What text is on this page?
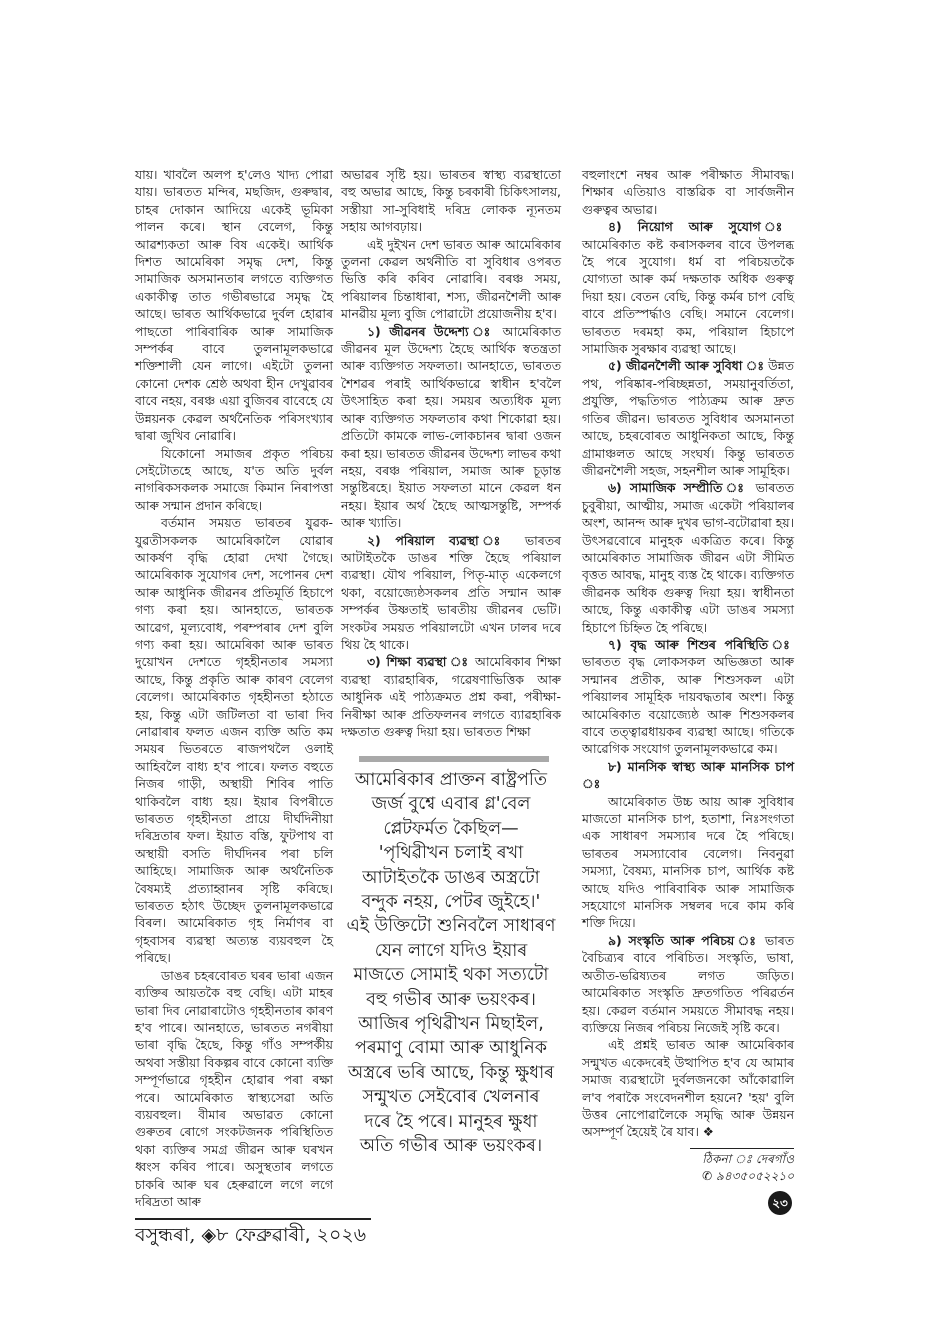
যায়। খাবলৈ অলপ হ'লেও খাদ্য পোৱা যায়। ভাৰতত মন্দিৰ, মছজিদ, গুৰুদ্বাৰ, চাহৰ দোকান আদিয়ে একেই ভূমিকা পালন কৰে। স্থান বেলেগ, কিন্তু আৱশ্যকতা আৰু বিষ একেই। আৰ্থিক দিশত আমেৰিকা সমৃদ্ধ দেশ, কিন্তু সামাজিক অসমানতাৰ লগতে ব্যক্তিগত একাকীত্ব তাত গভীৰভাৱে সমৃদ্ধ হৈ আছে। ভাৰত আৰ্থিকভাৱে দুৰ্বল হোৱাৰ পাছতো পাৰিবাৰিক আৰু সামাজিক সম্পৰ্কৰ বাবে তুলনামূলকভাৱে শক্তিশালী যেন লাগে। এইটো তুলনা কোনো দেশক শ্ৰেষ্ঠ অথবা হীন দেখুৱাবৰ বাবে নহয়, বৰঞ্চ এয়া বুজিবৰ বাবেহে যে উন্নয়নক কেৱল অৰ্থনৈতিক পৰিসংখ্যাৰ দ্বাৰা জুখিব নোৱাৰি।

যিকোনো সমাজৰ প্ৰকৃত পৰিচয় সেইটোতহে আছে, য'ত অতি দুৰ্বল নাগৰিকসকলক সমাজে কিমান নিৰাপত্তা আৰু সন্মান প্ৰদান কৰিছে।

বৰ্তমান সময়ত ভাৰতৰ যুৱক-যুৱতীসকলক আমেৰিকালৈ যোৱাৰ আকৰ্ষণ বৃদ্ধি হোৱা দেখা গৈছে। আমেৰিকাক সুযোগৰ দেশ, সপোনৰ দেশ আৰু আধুনিক জীৱনৰ প্ৰতিমূৰ্তি হিচাপে গণ্য কৰা হয়। আনহাতে, ভাৰতক আৱেগ, মূল্যবোধ, পৰম্পৰাৰ দেশ বুলি গণ্য কৰা হয়। আমেৰিকা আৰু ভাৰত দুয়োখন দেশতে গৃহহীনতাৰ সমস্যা আছে, কিন্তু প্ৰকৃতি আৰু কাৰণ বেলেগ বেলেগ। আমেৰিকাত গৃহহীনতা হঠাতে হয়, কিন্তু এটা জটিলতা বা ভাৰা দিব নোৱাৰাৰ ফলত এজন ব্যক্তি অতি কম সময়ৰ ভিতৰতে ৰাজপথলৈ ওলাই আহিবলৈ বাধ্য হ'ব পাৰে। ফলত বহুতে নিজৰ গাড়ী, অস্থায়ী শিবিৰ পাতি থাকিবলৈ বাধ্য হয়। ইয়াৰ বিপৰীতে ভাৰতত গৃহহীনতা প্ৰায়ে দীৰ্ঘদিনীয়া দৰিদ্ৰতাৰ ফল। ইয়াত বস্তি, ফুটপাথ বা অস্থায়ী বসতি দীৰ্ঘদিনৰ পৰা চলি আহিছে। সামাজিক আৰু অৰ্থনৈতিক বৈষম্যই প্ৰত্যাহ্বানৰ সৃষ্টি কৰিছে। ভাৰতত হঠাৎ উচ্ছেদ তুলনামূলকভাৱে বিৰল। আমেৰিকাত গৃহ নিৰ্মাণৰ বা গৃহবাসৰ ব্যৱস্থা অত্যন্ত ব্যয়বহুল হৈ পৰিছে।

ডাঙৰ চহৰবোৰত ঘৰৰ ভাৰা এজন ব্যক্তিৰ আয়তকৈ বহু বেছি। এটা মাহৰ ভাৰা দিব নোৱাৰাটোও গৃহহীনতাৰ কাৰণ হ'ব পাৰে। আনহাতে, ভাৰতত নগৰীয়া ভাৰা বৃদ্ধি হৈছে, কিন্তু গাঁও সম্পৰ্কীয় অথবা সস্তীয়া বিকল্পৰ বাবে কোনো ব্যক্তি সম্পূৰ্ণভাৱে গৃহহীন হোৱাৰ পৰা ৰক্ষা পৰে। আমেৰিকাত স্বাস্থ্যসেৱা অতি ব্যয়বহুল। বীমাৰ অভাৱত কোনো গুৰুতৰ ৰোগে সংকটজনক পৰিস্থিতিত থকা ব্যক্তিৰ সমগ্ৰ জীৱন আৰু ঘৰখন ধ্বংস কৰিব পাৰে। অসুস্থতাৰ লগতে চাকৰি আৰু ঘৰ হেৰুৱালে লগে লগে দৰিদ্ৰতা আৰু

অভাৱৰ সৃষ্টি হয়। ভাৰতৰ স্বাস্থ্য ব্যৱস্থাতো বহু অভাৱ আছে, কিন্তু চৰকাৰী চিকিৎসালয়, সস্তীয়া সা-সুবিধাই দৰিদ্ৰ লোকক ন্যূনতম সহায় আগবঢ়ায়।

এই দুইখন দেশ ভাৰত আৰু আমেৰিকাৰ তুলনা কেৱল অৰ্থনীতি বা সুবিধাৰ ওপৰত ভিত্তি কৰি কৰিব নোৱাৰি। বৰঞ্চ সময়, পৰিয়ালৰ চিন্তাধাৰা, শস্য, জীৱনশৈলী আৰু মানৱীয় মূল্য বুজি পোৱাটো প্ৰয়োজনীয় হ'ব।

১) জীৱনৰ উদ্দেশ্য ঃ আমেৰিকাত জীৱনৰ মূল উদ্দেশ্য হৈছে আৰ্থিক স্বতন্ত্ৰতা আৰু ব্যক্তিগত সফলতা। আনহাতে, ভাৰতত শৈশৱৰ পৰাই আৰ্থিকভাৱে স্বাধীন হ'বলৈ উৎসাহিত কৰা হয়। সময়ৰ অত্যধিক মূল্য আৰু ব্যক্তিগত সফলতাৰ কথা শিকোৱা হয়। প্ৰতিটো কামকে লাভ-লোকচানৰ দ্বাৰা ওজন কৰা হয়। ভাৰতত জীৱনৰ উদ্দেশ্য লাভৰ কথা নহয়, বৰঞ্চ পৰিয়াল, সমাজ আৰু চূড়ান্ত সন্তুষ্টিৰহে। ইয়াত সফলতা মানে কেৱল ধন নহয়। ইয়াৰ অৰ্থ হৈছে আত্মসন্তুষ্টি, সম্পৰ্ক আৰু খ্যাতি।

২) পৰিয়াল ব্যৱস্থা ঃ ভাৰতৰ আটাইতকৈ ডাঙৰ শক্তি হৈছে পৰিয়াল ব্যৱস্থা। যৌথ পৰিয়াল, পিতৃ-মাতৃ একেলগে থকা, বয়োজ্যেষ্ঠসকলৰ প্ৰতি সন্মান আৰু সম্পৰ্কৰ উষ্ণতাই ভাৰতীয় জীৱনৰ ভেটি। সংকটৰ সময়ত পৰিয়ালটো এখন ঢালৰ দৰে থিয় হৈ থাকে।

৩) শিক্ষা ব্যৱস্থা ঃ আমেৰিকাৰ শিক্ষা ব্যৱস্থা ব্যাৱহাৰিক, গৱেষণাভিত্তিক আৰু আধুনিক এই পাঠ্যক্ৰমত প্ৰশ্ন কৰা, পৰীক্ষা-নিৰীক্ষা আৰু প্ৰতিফলনৰ লগতে ব্যাৱহাৰিক দক্ষতাত গুৰুত্ব দিয়া হয়। ভাৰতত শিক্ষা

বহুলাংশে নম্বৰ আৰু পৰীক্ষাত সীমাবদ্ধ। শিক্ষাৰ এতিয়াও বাস্তৱিক বা সাৰ্বজনীন গুৰুত্বৰ অভাৱ।

৪) নিয়োগ আৰু সুযোগ ঃ আমেৰিকাত কষ্ট কৰাসকলৰ বাবে উপলব্ধ হৈ পৰে সুযোগ। ধৰ্ম বা পৰিচয়তকৈ যোগ্যতা আৰু কৰ্ম দক্ষতাক অধিক গুৰুত্ব দিয়া হয়। বেতন বেছি, কিন্তু কৰ্মৰ চাপ বেছি বাবে প্ৰতিস্পৰ্দ্ধাও বেছি। সমানে বেলেগ। ভাৰতত দৰমহা কম, পৰিয়াল হিচাপে সামাজিক সুৰক্ষাৰ ব্যৱস্থা আছে।

৫) জীৱনশৈলী আৰু সুবিধা ঃ উন্নত পথ, পৰিষ্কাৰ-পৰিচ্ছন্নতা, সময়ানুবৰ্তিতা, প্ৰযুক্তি, পদ্ধতিগত পাঠ্যক্ৰম আৰু দ্ৰুত গতিৰ জীৱন। ভাৰতত সুবিধাৰ অসমানতা আছে, চহৰবোৰত আধুনিকতা আছে, কিন্তু গ্ৰামাঞ্চলত আছে সংঘৰ্ষ। কিন্তু ভাৰতত জীৱনশৈলী সহজ, সহনশীল আৰু সামূহিক।

৬) সামাজিক সম্প্ৰীতি ঃ ভাৰতত চুবুৰীয়া, আত্মীয়, সমাজ একেটা পৰিয়ালৰ অংশ, আনন্দ আৰু দুখৰ ভাগ-বটোৱাৰা হয়। উৎসৱবোৰে মানুহক একত্ৰিত কৰে। কিন্তু আমেৰিকাত সামাজিক জীৱন এটা সীমিত বৃত্তত আবদ্ধ, মানুহ ব্যস্ত হৈ থাকে। ব্যক্তিগত জীৱনক অধিক গুৰুত্ব দিয়া হয়। স্বাধীনতা আছে, কিন্তু একাকীত্ব এটা ডাঙৰ সমস্যা হিচাপে চিহ্নিত হৈ পৰিছে।

৭) বৃদ্ধ আৰু শিশুৰ পৰিস্থিতি ঃ ভাৰতত বৃদ্ধ লোকসকল অভিজ্ঞতা আৰু সন্মানৰ প্ৰতীক, আৰু শিশুসকল এটা পৰিয়ালৰ সামূহিক দায়বদ্ধতাৰ অংশ। কিন্তু আমেৰিকাত বয়োজ্যেষ্ঠ আৰু শিশুসকলৰ বাবে তত্ত্বাৱধায়কৰ ব্যৱস্থা আছে। গতিকে আৱেগিক সংযোগ তুলনামূলকভাৱে কম।

৮) মানসিক স্বাস্থ্য আৰু মানসিক চাপ ঃ

আমেৰিকাত উচ্চ আয় আৰু সুবিধাৰ মাজতো মানসিক চাপ, হতাশা, নিঃসংগতা এক সাধাৰণ সমস্যাৰ দৰে হৈ পৰিছে। ভাৰতৰ সমস্যাবোৰ বেলেগ। নিবনুৱা সমস্যা, বৈষম্য, মানসিক চাপ, আৰ্থিক কষ্ট আছে যদিও পাৰিবাৰিক আৰু সামাজিক সহযোগে মানসিক সম্বলৰ দৰে কাম কৰি শক্তি দিয়ে।

৯) সংস্কৃতি আৰু পৰিচয় ঃ ভাৰত বৈচিত্ৰ্যৰ বাবে পৰিচিত। সংস্কৃতি, ভাষা, অতীত-ভৱিষ্যতৰ লগত জড়িত। আমেৰিকাত সংস্কৃতি দ্ৰুতগতিত পৰিৱৰ্তন হয়। কেৱল বৰ্তমান সময়তে সীমাবদ্ধ নহয়। ব্যক্তিয়ে নিজৰ পৰিচয় নিজেই সৃষ্টি কৰে।

এই প্ৰশ্নই ভাৰত আৰু আমেৰিকাৰ সন্মুখত একেদৰেই উত্থাপিত হ'ব যে আমাৰ সমাজ ব্যৱস্থাটো দুৰ্বলজনকো আঁকোৱালি ল'ব পৰাকৈ সংবেদনশীল হয়নে? 'হয়' বুলি উত্তৰ নোপোৱালৈকে সমৃদ্ধি আৰু উন্নয়ন অসম্পূৰ্ণ হৈয়েই ৰৈ যাব। ❖

আমেৰিকাৰ প্ৰাক্তন ৰাষ্ট্ৰপতি
জৰ্জ বুশ্বে এবাৰ গ্ল'বেল
প্লেটফৰ্মত কৈছিল—
'পৃথিৱীখন চলাই ৰখা
আটাইতকৈ ডাঙৰ অস্ত্ৰটো
বন্দুক নহয়, পেটৰ জুইহে।'
এই উক্তিটো শুনিবলৈ সাধাৰণ
যেন লাগে যদিও ইয়াৰ
মাজতে সোমাই থকা সত্যটো
বহু গভীৰ আৰু ভয়ংকৰ।
আজিৰ পৃথিৱীখন মিছাইল,
পৰমাণু বোমা আৰু আধুনিক
অস্ত্ৰৰে ভৰি আছে, কিন্তু ক্ষুধাৰ
সন্মুখত সেইবোৰ খেলনাৰ
দৰে হৈ পৰে। মানুহৰ ক্ষুধা
অতি গভীৰ আৰু ভয়ংকৰ।
ঠিকনা ঃ দেৰগাঁও
✆ ৯৪৩৫০৫২২১০
বসুন্ধৰা, ◈৮ ফেব্ৰুৱাৰী, ২০২৬
২৩
